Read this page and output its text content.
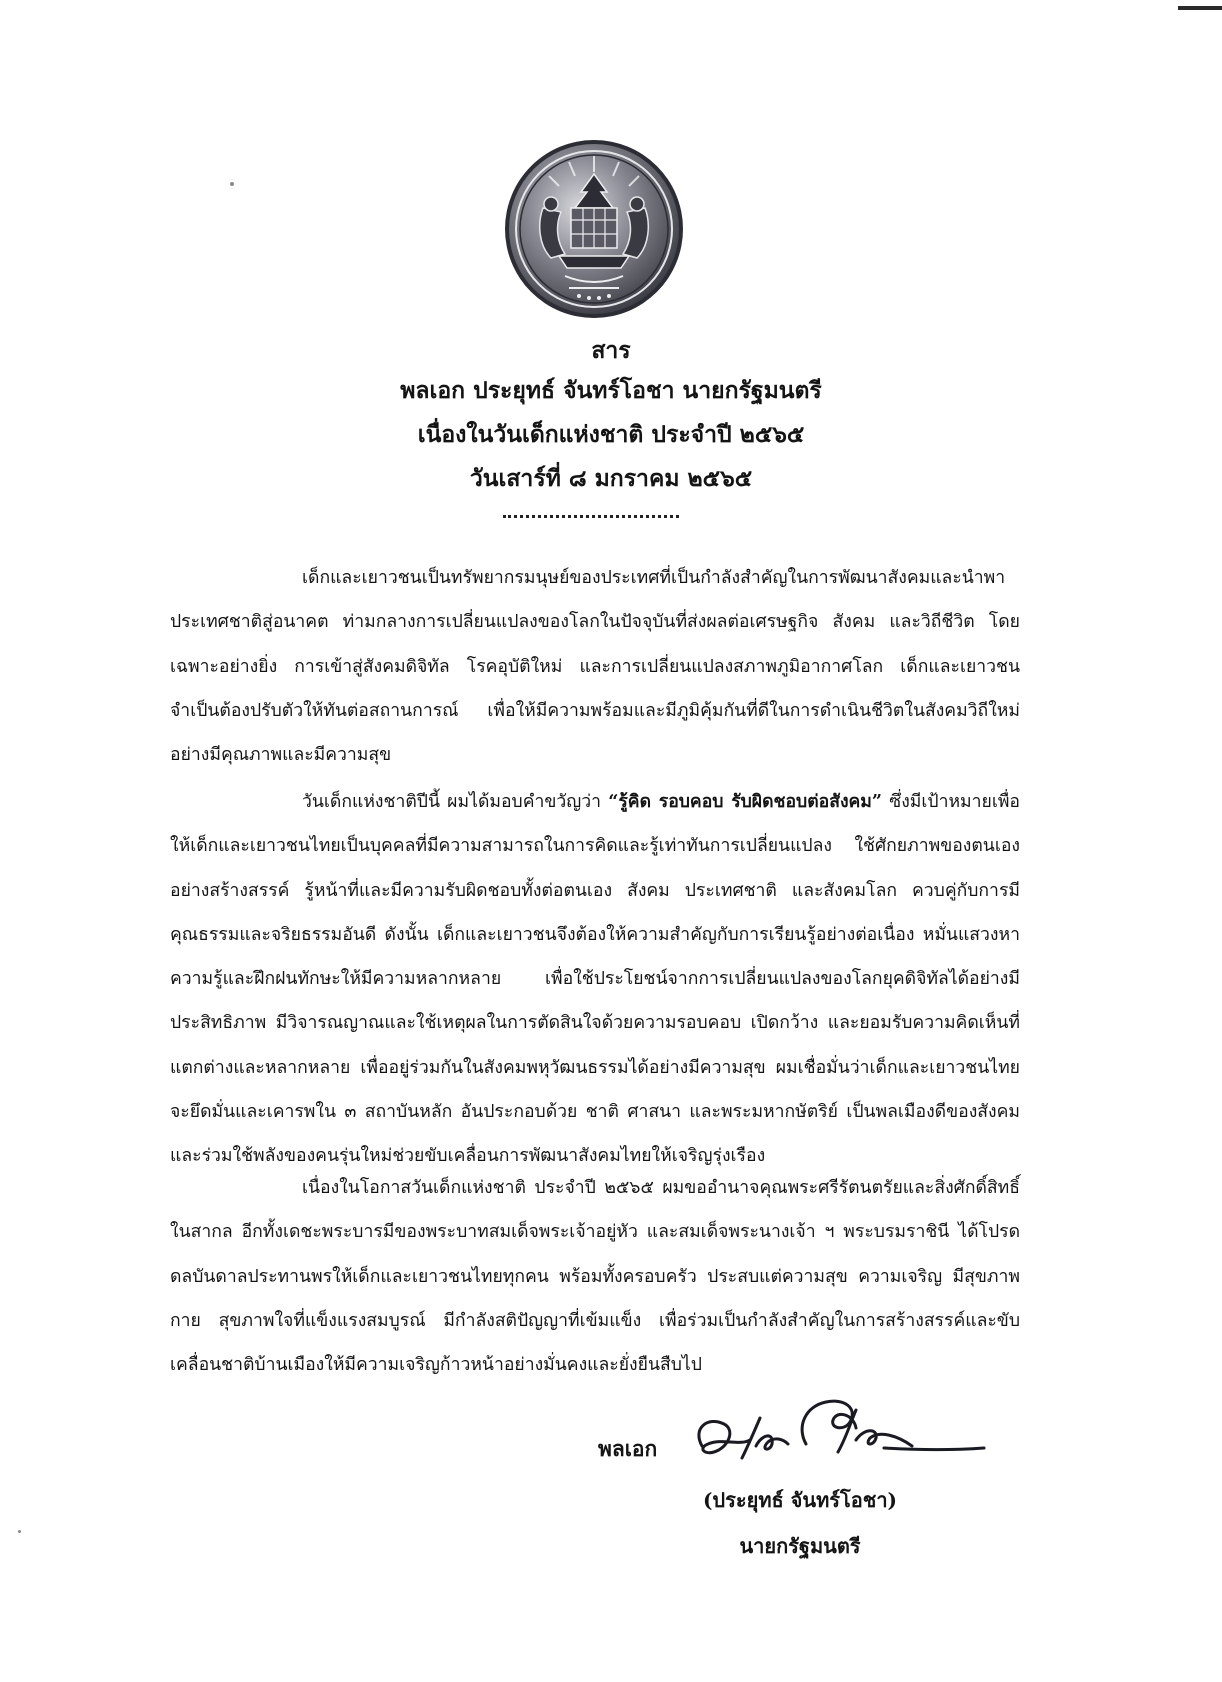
สาร
พลเอก ประยุทธ์ จันทร์โอชา นายกรัฐมนตรี
เนื่องในวันเด็กแห่งชาติ ประจำปี ๒๕๖๕
วันเสาร์ที่ ๘ มกราคม ๒๕๖๕

เด็กและเยาวชนเป็นทรัพยากรมนุษย์ของประเทศที่เป็นกำลังสำคัญในการพัฒนาสังคมและนำพาประเทศชาติสู่อนาคต ท่ามกลางการเปลี่ยนแปลงของโลกในปัจจุบันที่ส่งผลต่อเศรษฐกิจ สังคม และวิถีชีวิต โดยเฉพาะอย่างยิ่ง การเข้าสู่สังคมดิจิทัล โรคอุบัติใหม่ และการเปลี่ยนแปลงสภาพภูมิอากาศโลก เด็กและเยาวชนจำเป็นต้องปรับตัวให้ทันต่อสถานการณ์ เพื่อให้มีความพร้อมและมีภูมิคุ้มกันที่ดีในการดำเนินชีวิตในสังคมวิถีใหม่อย่างมีคุณภาพและมีความสุข

วันเด็กแห่งชาติปีนี้ ผมได้มอบคำขวัญว่า “รู้คิด รอบคอบ รับผิดชอบต่อสังคม” ซึ่งมีเป้าหมายเพื่อให้เด็กและเยาวชนไทยเป็นบุคคลที่มีความสามารถในการคิดและรู้เท่าทันการเปลี่ยนแปลง ใช้ศักยภาพของตนเองอย่างสร้างสรรค์ รู้หน้าที่และมีความรับผิดชอบทั้งต่อตนเอง สังคม ประเทศชาติ และสังคมโลก ควบคู่กับการมีคุณธรรมและจริยธรรมอันดี ดังนั้น เด็กและเยาวชนจึงต้องให้ความสำคัญกับการเรียนรู้อย่างต่อเนื่อง หมั่นแสวงหาความรู้และฝึกฝนทักษะให้มีความหลากหลาย เพื่อใช้ประโยชน์จากการเปลี่ยนแปลงของโลกยุคดิจิทัลได้อย่างมีประสิทธิภาพ มีวิจารณญาณและใช้เหตุผลในการตัดสินใจด้วยความรอบคอบ เปิดกว้าง และยอมรับความคิดเห็นที่แตกต่างและหลากหลาย เพื่ออยู่ร่วมกันในสังคมพหุวัฒนธรรมได้อย่างมีความสุข ผมเชื่อมั่นว่าเด็กและเยาวชนไทยจะยึดมั่นและเคารพใน ๓ สถาบันหลัก อันประกอบด้วย ชาติ ศาสนา และพระมหากษัตริย์ เป็นพลเมืองดีของสังคม และร่วมใช้พลังของคนรุ่นใหม่ช่วยขับเคลื่อนการพัฒนาสังคมไทยให้เจริญรุ่งเรือง

เนื่องในโอกาสวันเด็กแห่งชาติ ประจำปี ๒๕๖๕ ผมขออำนาจคุณพระศรีรัตนตรัยและสิ่งศักดิ์สิทธิ์ในสากล อีกทั้งเดชะพระบารมีของพระบาทสมเด็จพระเจ้าอยู่หัว และสมเด็จพระนางเจ้า ฯ พระบรมราชินี ได้โปรดดลบันดาลประทานพรให้เด็กและเยาวชนไทยทุกคน พร้อมทั้งครอบครัว ประสบแต่ความสุข ความเจริญ มีสุขภาพกาย สุขภาพใจที่แข็งแรงสมบูรณ์ มีกำลังสติปัญญาที่เข้มแข็ง เพื่อร่วมเป็นกำลังสำคัญในการสร้างสรรค์และขับเคลื่อนชาติบ้านเมืองให้มีความเจริญก้าวหน้าอย่างมั่นคงและยั่งยืนสืบไป

พลเอก
(ประยุทธ์ จันทร์โอชา)
นายกรัฐมนตรี
